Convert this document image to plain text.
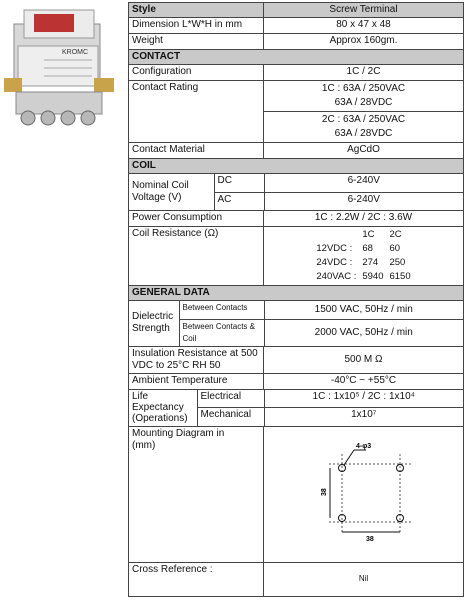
KROMC
Style	Screw Terminal
Dimension L*W*H in mm	80 x 47 x 48
Weight	Approx 160gm.
CONTACT
Configuration	1C / 2C
Contact Rating	1C : 63A / 250VAC
63A / 28VDC

2C : 63A / 250VAC
63A / 28VDC

Contact Material	AgCdO
COIL

Nominal Coil Voltage (V)	DC	6-240V
AC	6-240V

Power Consumption	1C : 2.2W / 2C : 3.6W
Coil Resistance (Ω)	
		1C	2C
12VDC :	68	60
24VDC :	274	250
240VAC :	5940	6150

GENERAL DATA

Dielectric Strength	Between Contacts	1500 VAC, 50Hz / min
Between Contacts & Coil	2000 VAC, 50Hz / min

Insulation Resistance at 500 VDC to 25°C RH 50	500 M Ω
Ambient Temperature	-40°C ~ +55°C

Life Expectancy (Operations)	Electrical	1C : 1x10⁵ / 2C : 1x10⁴
Mechanical	1x10⁷

Mounting Diagram in (mm)	4-φ3
38
38

Cross Reference :	Nil
